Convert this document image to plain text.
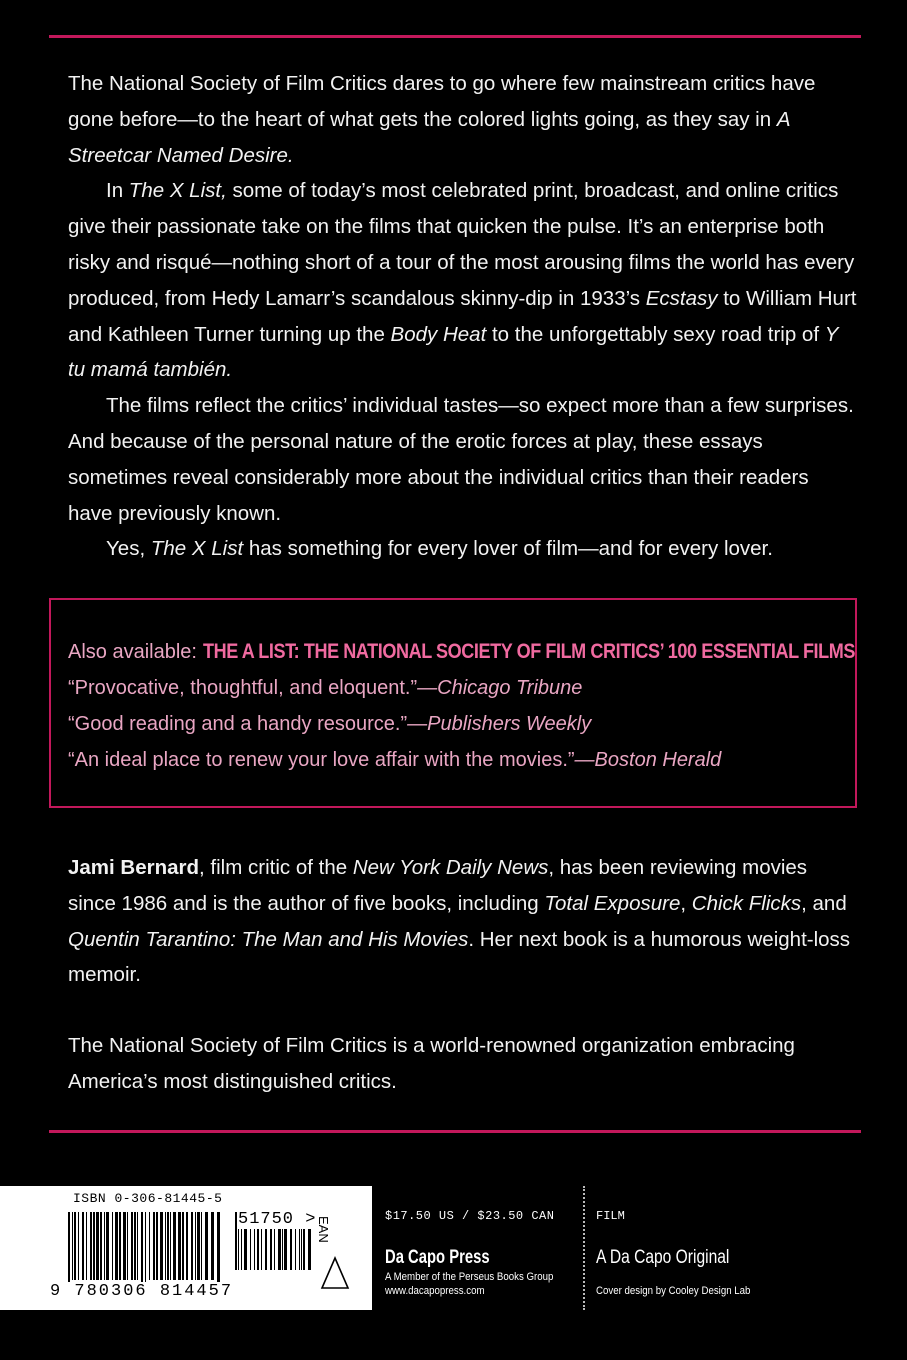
The National Society of Film Critics dares to go where few mainstream critics have gone before—to the heart of what gets the colored lights going, as they say in A Streetcar Named Desire.

In The X List, some of today’s most celebrated print, broadcast, and online critics give their passionate take on the films that quicken the pulse. It’s an enterprise both risky and risqué—nothing short of a tour of the most arousing films the world has every produced, from Hedy Lamarr’s scandalous skinny-dip in 1933’s Ecstasy to William Hurt and Kathleen Turner turning up the Body Heat to the unforgettably sexy road trip of Y tu mamá también.

The films reflect the critics’ individual tastes—so expect more than a few surprises. And because of the personal nature of the erotic forces at play, these essays sometimes reveal considerably more about the individual critics than their readers have previously known.

Yes, The X List has something for every lover of film—and for every lover.

Also available: THE A LIST: THE NATIONAL SOCIETY OF FILM CRITICS’ 100 ESSENTIAL FILMS
“Provocative, thoughtful, and eloquent.”—Chicago Tribune
“Good reading and a handy resource.”—Publishers Weekly
“An ideal place to renew your love affair with the movies.”—Boston Herald

Jami Bernard, film critic of the New York Daily News, has been reviewing movies since 1986 and is the author of five books, including Total Exposure, Chick Flicks, and Quentin Tarantino: The Man and His Movies. Her next book is a humorous weight-loss memoir.

The National Society of Film Critics is a world-renowned organization embracing America’s most distinguished critics.

ISBN 0-306-81445-5
9 780306 814457
51750 > EAN	$17.50 US / $23.50 CAN
Da Capo Press
A Member of the Perseus Books Group
www.dacapopress.com
FILM
A Da Capo Original
Cover design by Cooley Design Lab
